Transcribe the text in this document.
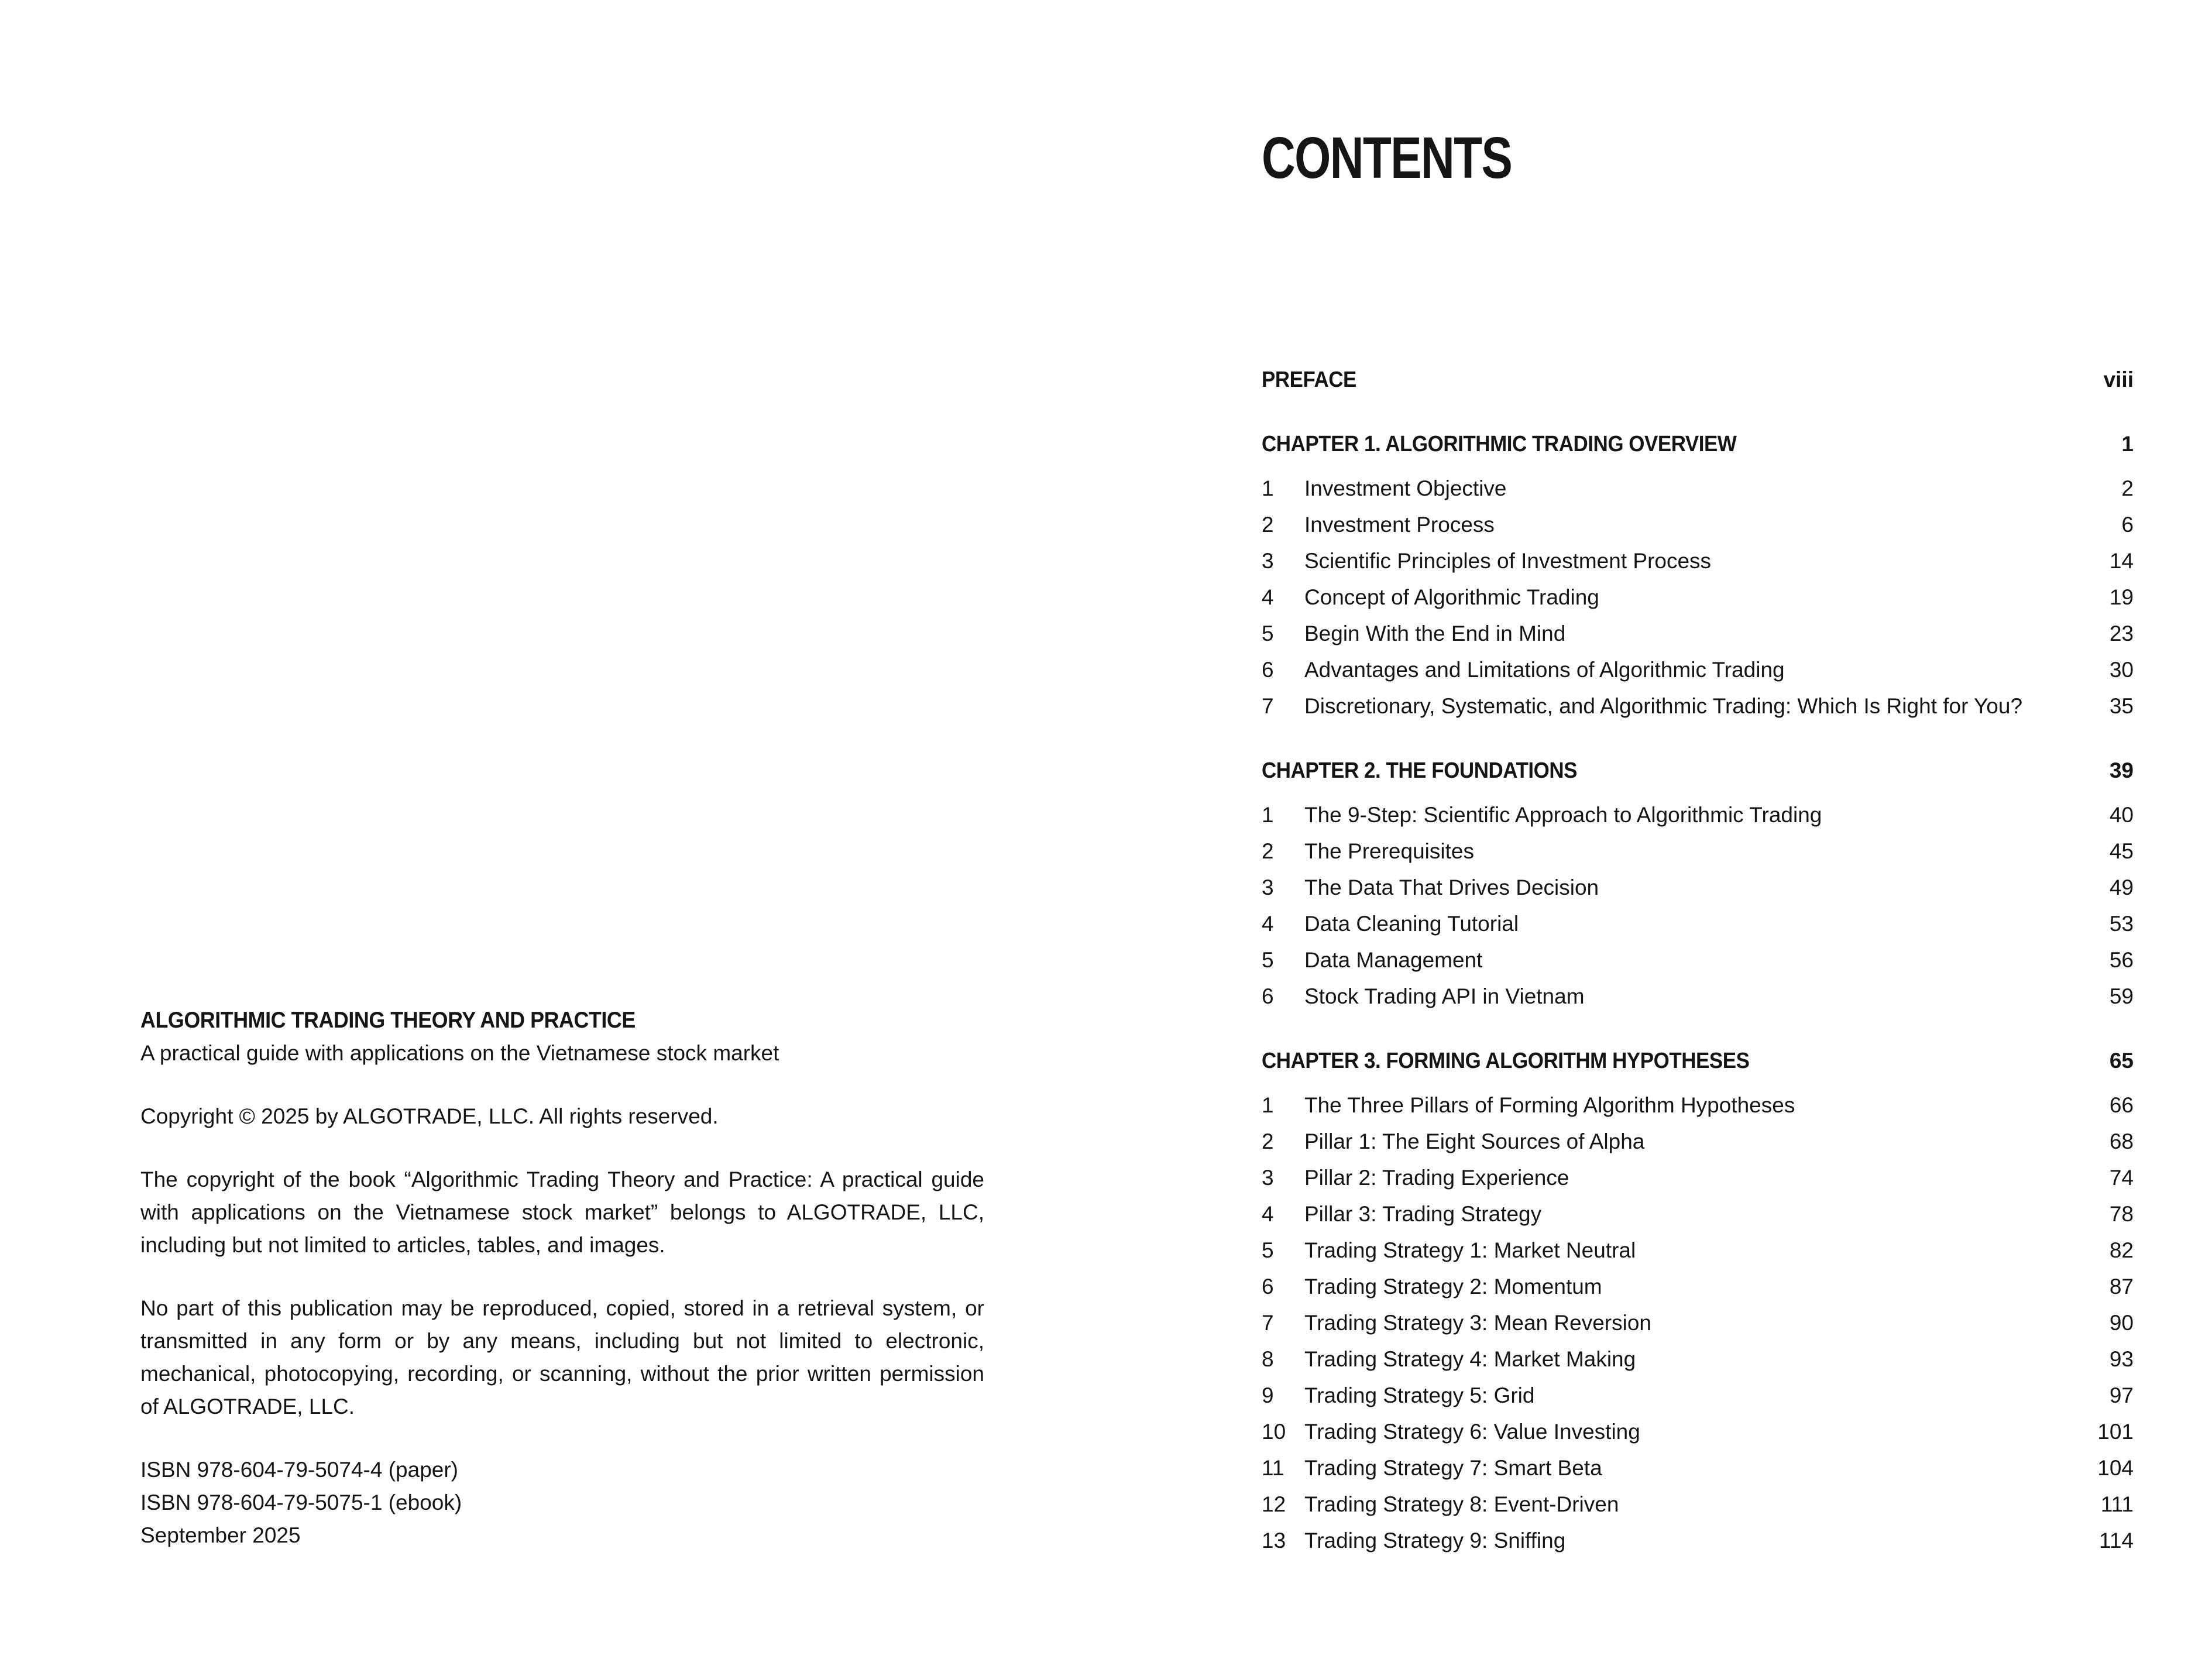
ALGORITHMIC TRADING THEORY AND PRACTICE
A practical guide with applications on the Vietnamese stock market

Copyright © 2025 by ALGOTRADE, LLC. All rights reserved.

The copyright of the book “Algorithmic Trading Theory and Practice: A practical guide with applications on the Vietnamese stock market” belongs to ALGOTRADE, LLC, including but not limited to articles, tables, and images.

No part of this publication may be reproduced, copied, stored in a retrieval system, or transmitted in any form or by any means, including but not limited to electronic, mechanical, photocopying, recording, or scanning, without the prior written permission of ALGOTRADE, LLC.

ISBN 978-604-79-5074-4 (paper)
ISBN 978-604-79-5075-1 (ebook)
September 2025
CONTENTS
PREFACE	viii
CHAPTER 1. ALGORITHMIC TRADING OVERVIEW	1
1	Investment Objective	2
2	Investment Process	6
3	Scientific Principles of Investment Process	14
4	Concept of Algorithmic Trading	19
5	Begin With the End in Mind	23
6	Advantages and Limitations of Algorithmic Trading	30
7	Discretionary, Systematic, and Algorithmic Trading: Which Is Right for You?	35
CHAPTER 2. THE FOUNDATIONS	39
1	The 9-Step: Scientific Approach to Algorithmic Trading	40
2	The Prerequisites	45
3	The Data That Drives Decision	49
4	Data Cleaning Tutorial	53
5	Data Management	56
6	Stock Trading API in Vietnam	59
CHAPTER 3. FORMING ALGORITHM HYPOTHESES	65
1	The Three Pillars of Forming Algorithm Hypotheses	66
2	Pillar 1: The Eight Sources of Alpha	68
3	Pillar 2: Trading Experience	74
4	Pillar 3: Trading Strategy	78
5	Trading Strategy 1: Market Neutral	82
6	Trading Strategy 2: Momentum	87
7	Trading Strategy 3: Mean Reversion	90
8	Trading Strategy 4: Market Making	93
9	Trading Strategy 5: Grid	97
10 Trading Strategy 6: Value Investing	101
11 Trading Strategy 7: Smart Beta	104
12 Trading Strategy 8: Event-Driven	111
13 Trading Strategy 9: Sniffing	114
